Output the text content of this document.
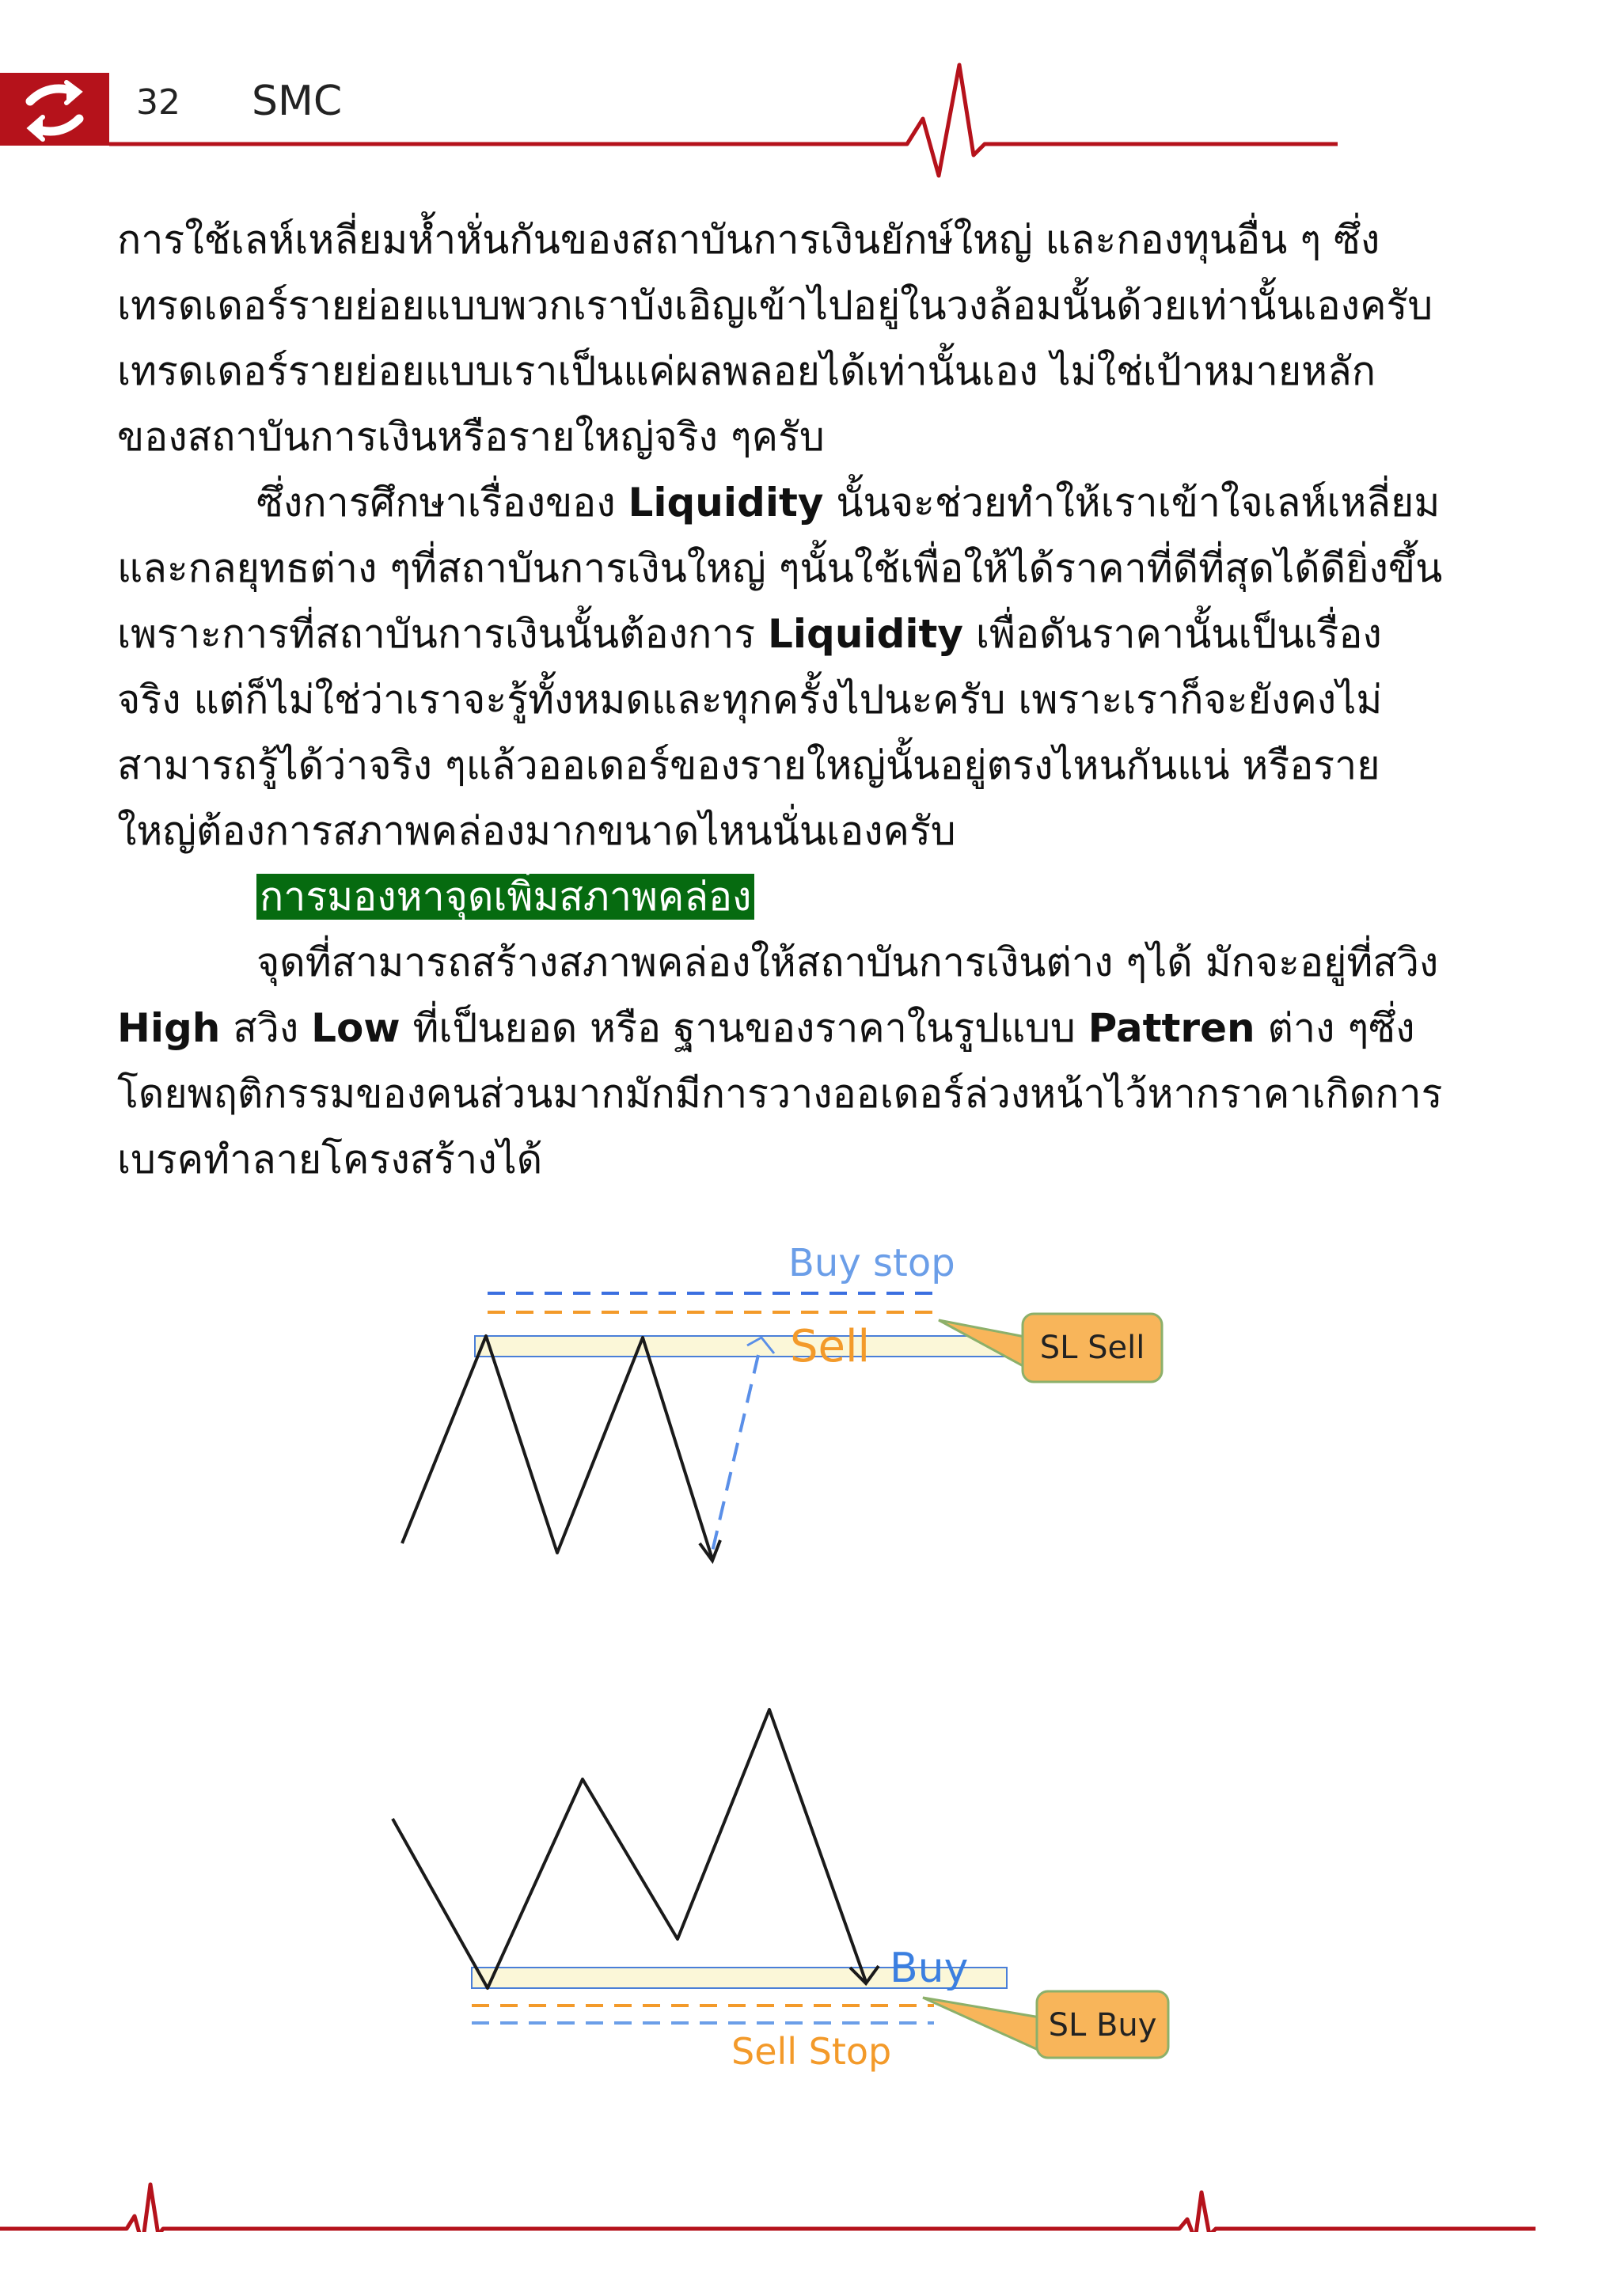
32 SMC

การใช้เลห์เหลี่ยมห้ำหั่นกันของสถาบันการเงินยักษ์ใหญ่ และกองทุนอื่น ๆ ซึ่งเทรดเดอร์รายย่อยแบบพวกเราบังเอิญเข้าไปอยู่ในวงล้อมนั้นด้วยเท่านั้นเองครับ เทรดเดอร์รายย่อยแบบเราเป็นแค่ผลพลอยได้เท่านั้นเอง ไม่ใช่เป้าหมายหลักของสถาบันการเงินหรือรายใหญ่จริง ๆครับ

ซึ่งการศึกษาเรื่องของ Liquidity นั้นจะช่วยทำให้เราเข้าใจเลห์เหลี่ยมและกลยุทธต่าง ๆที่สถาบันการเงินใหญ่ ๆนั้นใช้เพื่อให้ได้ราคาที่ดีที่สุดได้ดียิ่งขึ้น เพราะการที่สถาบันการเงินนั้นต้องการ Liquidity เพื่อดันราคานั้นเป็นเรื่องจริง แต่ก็ไม่ใช่ว่าเราจะรู้ทั้งหมดและทุกครั้งไปนะครับ เพราะเราก็จะยังคงไม่สามารถรู้ได้ว่าจริง ๆแล้วออเดอร์ของรายใหญ่นั้นอยู่ตรงไหนกันแน่ หรือรายใหญ่ต้องการสภาพคล่องมากขนาดไหนนั่นเองครับ

การมองหาจุดเพิ่มสภาพคล่อง

จุดที่สามารถสร้างสภาพคล่องให้สถาบันการเงินต่าง ๆได้ มักจะอยู่ที่สวิง High สวิง Low ที่เป็นยอด หรือ ฐานของราคาในรูปแบบ Pattren ต่าง ๆซึ่งโดยพฤติกรรมของคนส่วนมากมักมีการวางออเดอร์ล่วงหน้าไว้หากราคาเกิดการเบรคทำลายโครงสร้างได้

Buy stop
Sell	SL Sell
Buy
Sell Stop
SL Buy
